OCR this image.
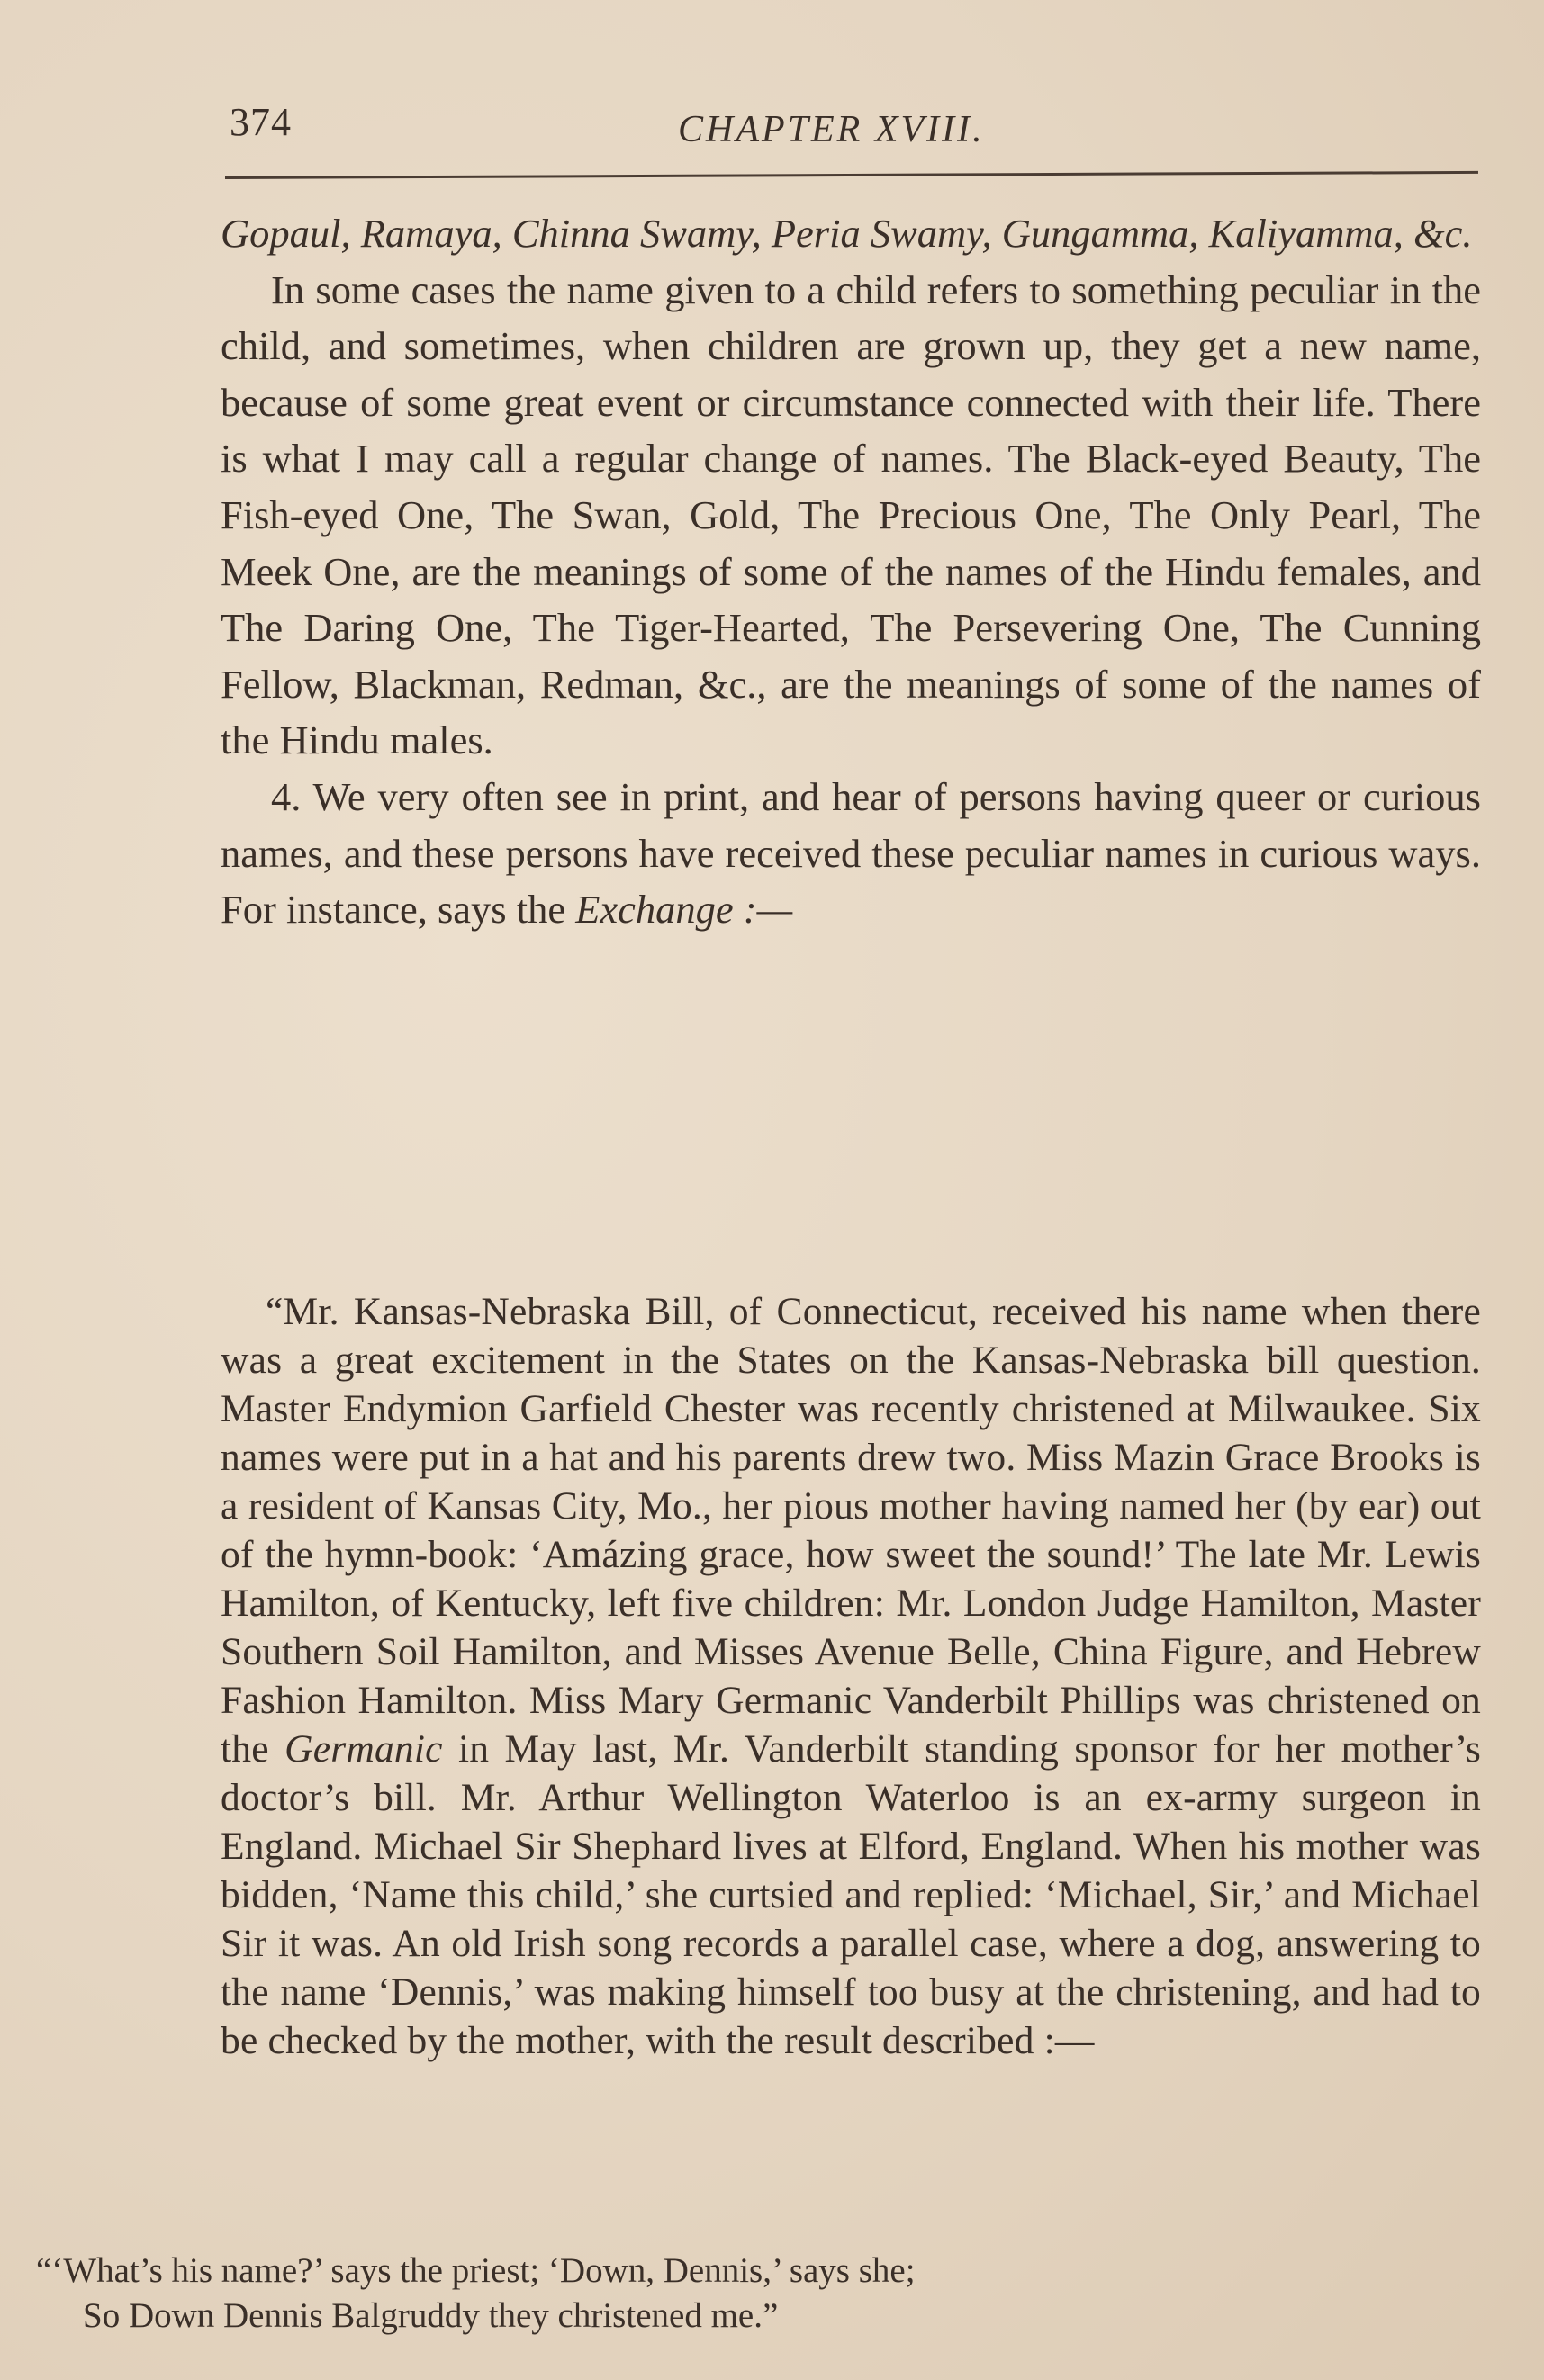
374	CHAPTER XVIII.

Gopaul, Ramaya, Chinna Swamy, Peria Swamy, Gungamma, Kaliyamma, &c.

In some cases the name given to a child refers to something peculiar in the child, and sometimes, when children are grown up, they get a new name, because of some great event or circumstance connected with their life. There is what I may call a regular change of names. The Black-eyed Beauty, The Fish-eyed One, The Swan, Gold, The Precious One, The Only Pearl, The Meek One, are the meanings of some of the names of the Hindu females, and The Daring One, The Tiger-Hearted, The Persevering One, The Cunning Fellow, Blackman, Redman, &c., are the meanings of some of the names of the Hindu males.

4. We very often see in print, and hear of persons having queer or curious names, and these persons have received these peculiar names in curious ways. For instance, says the Exchange :—

“Mr. Kansas-Nebraska Bill, of Connecticut, received his name when there was a great excitement in the States on the Kansas-Nebraska bill question. Master Endymion Garfield Chester was recently christened at Milwaukee. Six names were put in a hat and his parents drew two. Miss Mazin Grace Brooks is a resident of Kansas City, Mo., her pious mother having named her (by ear) out of the hymn-book: ‘Amázing grace, how sweet the sound!’ The late Mr. Lewis Hamilton, of Kentucky, left five children: Mr. London Judge Hamilton, Master Southern Soil Hamilton, and Misses Avenue Belle, China Figure, and Hebrew Fashion Hamilton. Miss Mary Germanic Vanderbilt Phillips was christened on the Germanic in May last, Mr. Vanderbilt standing sponsor for her mother’s doctor’s bill. Mr. Arthur Wellington Waterloo is an ex-army surgeon in England. Michael Sir Shephard lives at Elford, England. When his mother was bidden, ‘Name this child,’ she curtsied and replied: ‘Michael, Sir,’ and Michael Sir it was. An old Irish song records a parallel case, where a dog, answering to the name ‘Dennis,’ was making himself too busy at the christening, and had to be checked by the mother, with the result described :—

“‘What’s his name?’ says the priest; ‘Down, Dennis,’ says she;

So Down Dennis Balgruddy they christened me.”
